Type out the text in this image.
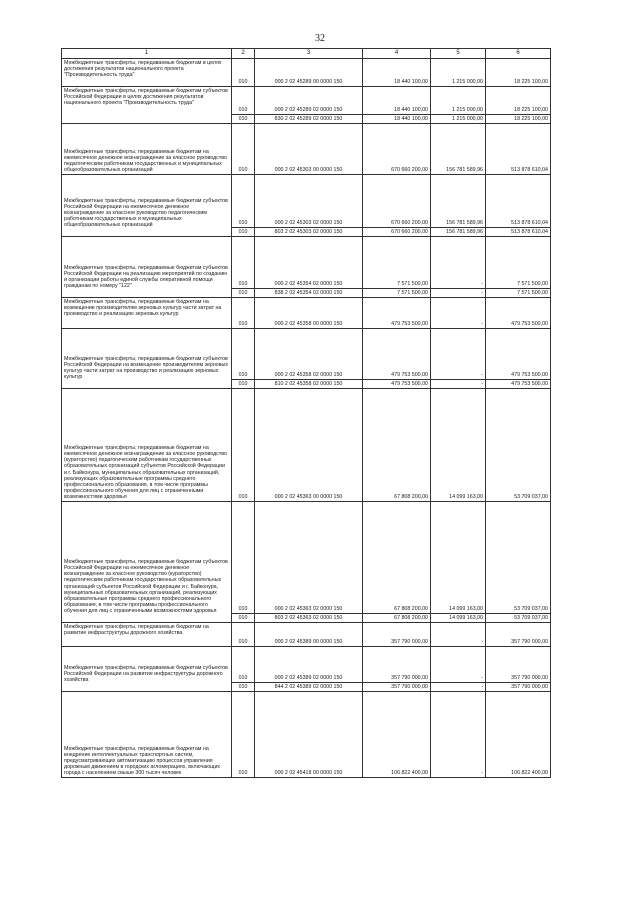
32
1	2	3	4	5	6
Межбюджетные трансферты, передаваемые бюджетам в целях достижения результатов национального проекта "Производительность труда"	010	000 2 02 45289 00 0000 150	18 440 100,00	1 215 000,00	18 225 100,00
Межбюджетные трансферты, передаваемые бюджетам субъектов Российской Федерации в целях достижения результатов национального проекта "Производительность труда"	010	000 2 02 45289 02 0000 150	18 440 100,00	1 215 000,00	18 225 100,00
	010	830 2 02 45289 02 0000 150	18 440 100,00	1 215 000,00	18 225 100,00
Межбюджетные трансферты, передаваемые бюджетам на ежемесячное денежное вознаграждение за классное руководство педагогическим работникам государственных и муниципальных общеобразовательных организаций	010	000 2 02 45303 00 0000 150	670 660 200,00	156 781 589,96	513 878 610,04
Межбюджетные трансферты, передаваемые бюджетам субъектов Российской Федерации на ежемесячное денежное вознаграждение за классное руководство педагогическим работникам государственных и муниципальных общеобразовательных организаций	010	000 2 02 45303 02 0000 150	670 660 200,00	156 781 589,96	513 878 610,04
	010	803 2 02 45303 02 0000 150	670 660 200,00	156 781 589,96	513 878 610,04
Межбюджетные трансферты, передаваемые бюджетам субъектов Российской Федерации на реализацию мероприятий по созданию и организации работы единой службы оперативной помощи гражданам по номеру "122"	010	000 2 02 45354 02 0000 150	7 571 500,00	-	7 571 500,00
	010	838 2 02 45354 02 0000 150	7 571 500,00	-	7 571 500,00
Межбюджетные трансферты, передаваемые бюджетам на возмещение производителям зерновых культур части затрат на производство и реализацию зерновых культур	010	000 2 02 45358 00 0000 150	479 753 500,00	-	479 753 500,00
Межбюджетные трансферты, передаваемые бюджетам субъектов Российской Федерации на возмещение производителям зерновых культур части затрат на производство и реализацию зерновых культур	010	000 2 02 45358 02 0000 150	479 753 500,00	-	479 753 500,00
	010	810 2 02 45358 02 0000 150	479 753 500,00	-	479 753 500,00
Межбюджетные трансферты, передаваемые бюджетам на ежемесячное денежное вознаграждение за классное руководство (кураторство) педагогическим работникам государственных образовательных организаций субъектов Российской Федерации и г. Байконура, муниципальных образовательных организаций, реализующих образовательные программы среднего профессионального образования, в том числе программы профессионального обучения для лиц с ограниченными возможностями здоровья	010	000 2 02 45363 00 0000 150	67 808 200,00	14 099 163,00	53 709 037,00
Межбюджетные трансферты, передаваемые бюджетам субъектов Российской Федерации на ежемесячное денежное вознаграждение за классное руководство (кураторство) педагогическим работникам государственных образовательных организаций субъектов Российской Федерации и г. Байконура, муниципальных образовательных организаций, реализующих образовательные программы среднего профессионального образования, в том числе программы профессионального обучения для лиц с ограниченными возможностями здоровья	010	000 2 02 45363 02 0000 150	67 808 200,00	14 099 163,00	53 709 037,00
	010	803 2 02 45363 02 0000 150	67 808 200,00	14 099 163,00	53 709 037,00
Межбюджетные трансферты, передаваемые бюджетам на развитие инфраструктуры дорожного хозяйства	010	000 2 02 45389 00 0000 150	357 790 000,00	-	357 790 000,00
Межбюджетные трансферты, передаваемые бюджетам субъектов Российской Федерации на развитие инфраструктуры дорожного хозяйства	010	000 2 02 45389 02 0000 150	357 790 000,00	-	357 790 000,00
	010	844 2 02 45389 02 0000 150	357 790 000,00	-	357 790 000,00
Межбюджетные трансферты, передаваемые бюджетам на внедрение интеллектуальных транспортных систем, предусматривающих автоматизацию процессов управления дорожным движением в городских агломерациях, включающих города с населением свыше 300 тысяч человек	010	000 2 02 45418 00 0000 150	106 822 400,00	-	106 822 400,00
